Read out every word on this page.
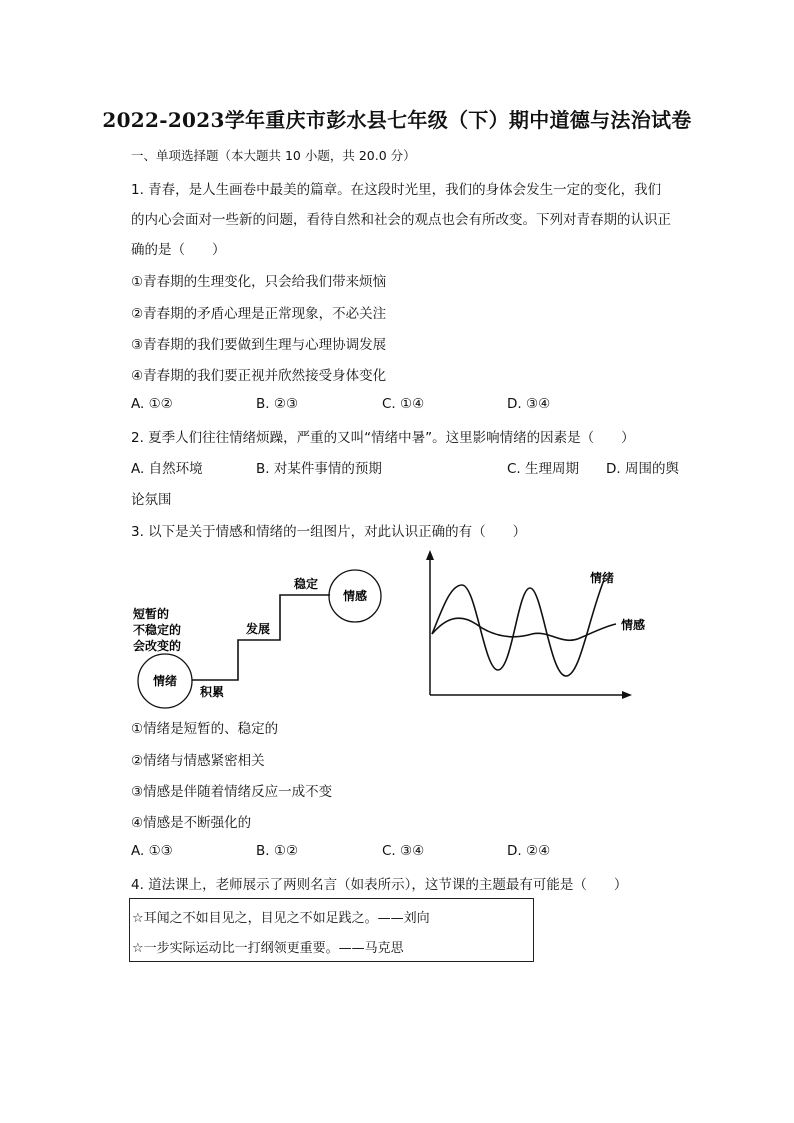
2022-2023学年重庆市彭水县七年级（下）期中道德与法治试卷
一、单项选择题（本大题共 10 小题，共 20.0 分）
1. 青春，是人生画卷中最美的篇章。在这段时光里，我们的身体会发生一定的变化，我们
的内心会面对一些新的问题，看待自然和社会的观点也会有所改变。下列对青春期的认识正
确的是（　　）
①青春期的生理变化，只会给我们带来烦恼
②青春期的矛盾心理是正常现象，不必关注
③青春期的我们要做到生理与心理协调发展
④青春期的我们要正视并欣然接受身体变化
A. ①②	B. ②③	C. ①④	D. ③④
2. 夏季人们往往情绪烦躁，严重的又叫“情绪中暑”。这里影响情绪的因素是（　　）
A. 自然环境	B. 对某件事情的预期	C. 生理周期 D. 周围的舆
论氛围
3. 以下是关于情感和情绪的一组图片，对此认识正确的有（　　）
短暂的
不稳定的
会改变的
情绪
积累
发展
稳定
情感
情绪
情感
①情绪是短暂的、稳定的
②情绪与情感紧密相关
③情感是伴随着情绪反应一成不变
④情感是不断强化的
A. ①③	B. ①②	C. ③④	D. ②④
4. 道法课上，老师展示了两则名言（如表所示），这节课的主题最有可能是（　　）
☆耳闻之不如目见之，目见之不如足践之。——刘向
☆一步实际运动比一打纲领更重要。——马克思
